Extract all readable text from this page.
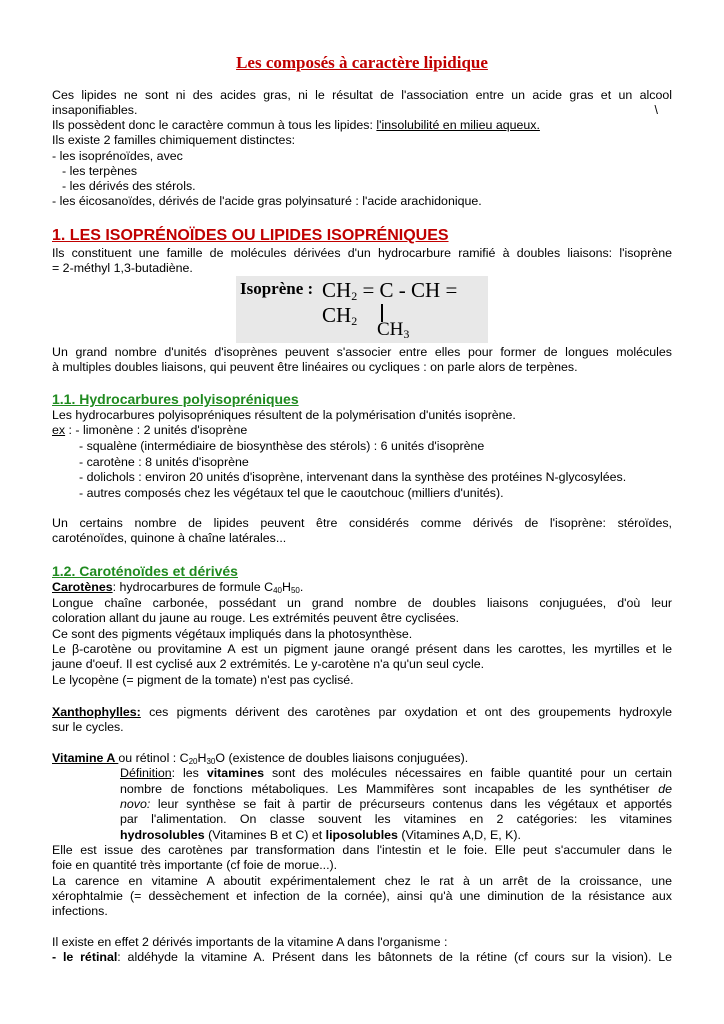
Les composés à caractère lipidique
Ces lipides ne sont ni des acides gras, ni le résultat de l'association entre un acide gras et un alcool
insaponifiables.	\
Ils possèdent donc le caractère commun à tous les lipides: l'insolubilité en milieu aqueux.
Ils existe 2 familles chimiquement distinctes:
- les isoprénoïdes, avec
- les terpènes
- les dérivés des stérols.
- les éicosanoïdes, dérivés de l'acide gras polyinsaturé : l'acide arachidonique.
1. LES ISOPRÉNOÏDES OU LIPIDES ISOPRÉNIQUES
Ils constituent une famille de molécules dérivées d'un hydrocarbure ramifié à doubles liaisons: l'isoprène
= 2-méthyl 1,3-butadiène.
Isoprène : $CH_2 = C$ - CH = $CH_2$	$CH_3$
Un grand nombre d'unités d'isoprènes peuvent s'associer entre elles pour former de longues molécules
à multiples doubles liaisons, qui peuvent être linéaires ou cycliques : on parle alors de terpènes.
1.1. Hydrocarbures polyisopréniques
Les hydrocarbures polyisopréniques résultent de la polymérisation d'unités isoprène.
ex : - limonène : 2 unités d'isoprène
- squalène (intermédiaire de biosynthèse des stérols) : 6 unités d'isoprène
- carotène : 8 unités d'isoprène
- dolichols : environ 20 unités d'isoprène, intervenant dans la synthèse des protéines N-glycosylées.
- autres composés chez les végétaux tel que le caoutchouc (milliers d'unités).
Un certains nombre de lipides peuvent être considérés comme dérivés de l'isoprène: stéroïdes,
caroténoïdes, quinone à chaîne latérales...
1.2. Caroténoïdes et dérivés
Carotènes: hydrocarbures de formule $C_{40}H_{50}$.
Longue chaîne carbonée, possédant un grand nombre de doubles liaisons conjuguées, d'où leur
coloration allant du jaune au rouge. Les extrémités peuvent être cyclisées.
Ce sont des pigments végétaux impliqués dans la photosynthèse.
Le β-carotène ou provitamine A est un pigment jaune orangé présent dans les carottes, les myrtilles et le
jaune d'oeuf. Il est cyclisé aux 2 extrémités. Le y-carotène n'a qu'un seul cycle.
Le lycopène (= pigment de la tomate) n'est pas cyclisé.
Xanthophylles: ces pigments dérivent des carotènes par oxydation et ont des groupements hydroxyle
sur le cycles.
Vitamine A ou rétinol : $C_{20}H_{30}O$ (existence de doubles liaisons conjuguées).
Définition: les vitamines sont des molécules nécessaires en faible quantité pour un certain
nombre de fonctions métaboliques. Les Mammifères sont incapables de les synthétiser de
novo: leur synthèse se fait à partir de précurseurs contenus dans les végétaux et apportés
par l'alimentation. On classe souvent les vitamines en 2 catégories: les vitamines
hydrosolubles (Vitamines B et C) et liposolubles (Vitamines A,D, E, K).
Elle est issue des carotènes par transformation dans l'intestin et le foie. Elle peut s'accumuler dans le
foie en quantité très importante (cf foie de morue...).
La carence en vitamine A aboutit expérimentalement chez le rat à un arrêt de la croissance, une
xérophtalmie (= dessèchement et infection de la cornée), ainsi qu'à une diminution de la résistance aux
infections.
Il existe en effet 2 dérivés importants de la vitamine A dans l'organisme :
- le rétinal: aldéhyde la vitamine A. Présent dans les bâtonnets de la rétine (cf cours sur la vision). Le
